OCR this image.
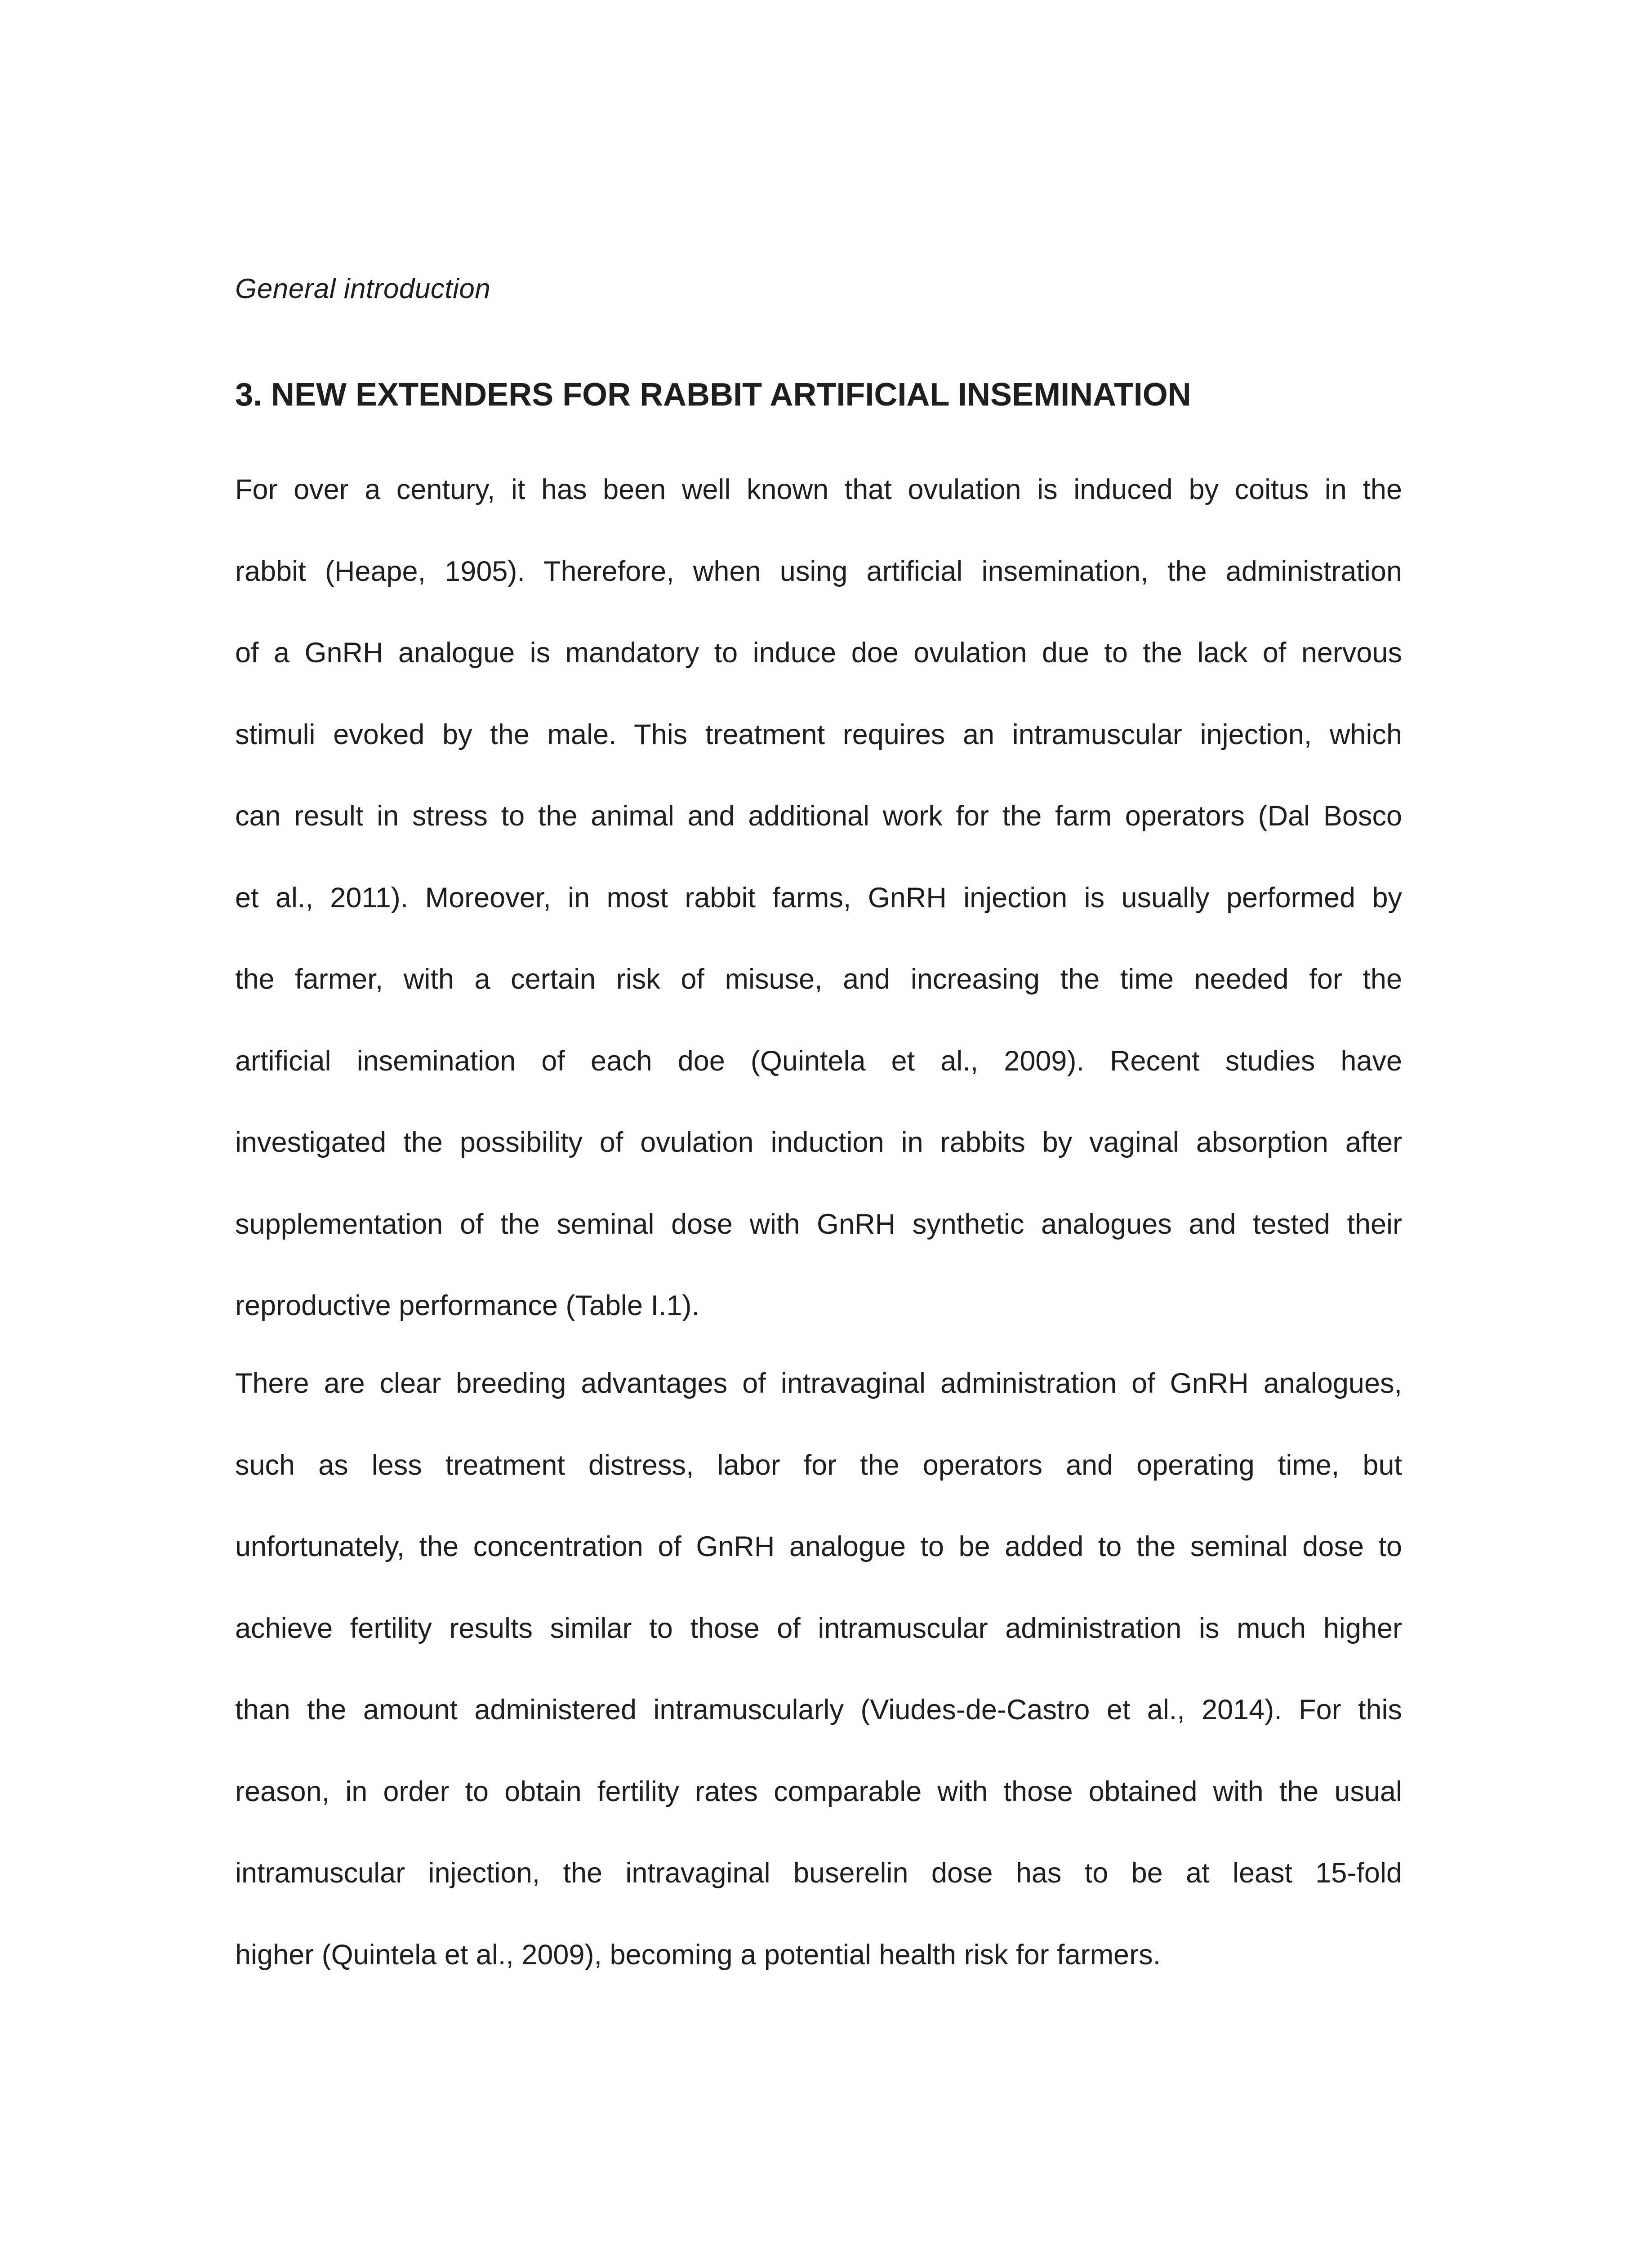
General introduction
3. NEW EXTENDERS FOR RABBIT ARTIFICIAL INSEMINATION
For over a century, it has been well known that ovulation is induced by coitus in the
rabbit (Heape, 1905). Therefore, when using artificial insemination, the administration
of a GnRH analogue is mandatory to induce doe ovulation due to the lack of nervous
stimuli evoked by the male. This treatment requires an intramuscular injection, which
can result in stress to the animal and additional work for the farm operators (Dal Bosco
et al., 2011). Moreover, in most rabbit farms, GnRH injection is usually performed by
the farmer, with a certain risk of misuse, and increasing the time needed for the
artificial insemination of each doe (Quintela et al., 2009). Recent studies have
investigated the possibility of ovulation induction in rabbits by vaginal absorption after
supplementation of the seminal dose with GnRH synthetic analogues and tested their
reproductive performance (Table I.1).
There are clear breeding advantages of intravaginal administration of GnRH analogues,
such as less treatment distress, labor for the operators and operating time, but
unfortunately, the concentration of GnRH analogue to be added to the seminal dose to
achieve fertility results similar to those of intramuscular administration is much higher
than the amount administered intramuscularly (Viudes-de-Castro et al., 2014). For this
reason, in order to obtain fertility rates comparable with those obtained with the usual
intramuscular injection, the intravaginal buserelin dose has to be at least 15-fold
higher (Quintela et al., 2009), becoming a potential health risk for farmers.
